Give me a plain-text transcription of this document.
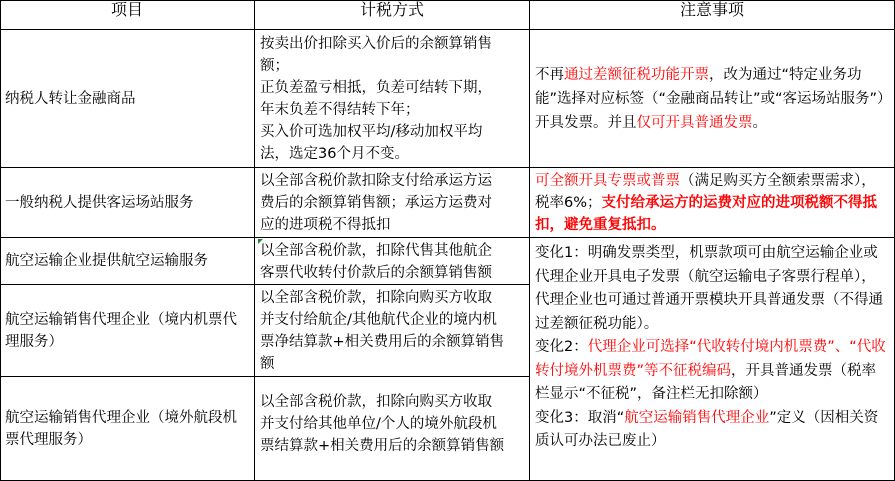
项目	计税方式	注意事项
纳税人转让金融商品
按卖出价扣除买入价后的余额算销售
额；
正负差盈亏相抵，负差可结转下期，
年末负差不得结转下年；
买入价可选加权平均/移动加权平均
法，选定36个月不变。
不再通过差额征税功能开票，改为通过“特定业务功能”选择对应标签（“金融商品转让”或“客运场站服务”）开具发票。并且仅可开具普通发票。
一般纳税人提供客运场站服务
以全部含税价款扣除支付给承运方运
费后的余额算销售额；承运方运费对
应的进项税不得抵扣
可全额开具专票或普票（满足购买方全额索票需求），税率6%；支付给承运方的运费对应的进项税额不得抵扣，避免重复抵扣。
航空运输企业提供航空运输服务
以全部含税价款，扣除代售其他航企
客票代收转付价款后的余额算销售额
航空运输销售代理企业（境内机票代理服务）
以全部含税价款，扣除向购买方收取
并支付给航企/其他航代企业的境内机
票净结算款+相关费用后的余额算销售
额
航空运输销售代理企业（境外航段机票代理服务）
以全部含税价款，扣除向购买方收取
并支付给其他单位/个人的境外航段机
票结算款+相关费用后的余额算销售额
变化1：明确发票类型，机票款项可由航空运输企业或代理企业开具电子发票（航空运输电子客票行程单），代理企业也可通过普通开票模块开具普通发票（不得通过差额征税功能）。
变化2：代理企业可选择“代收转付境内机票费”、“代收转付境外机票费”等不征税编码，开具普通发票（税率栏显示“不征税”，备注栏无扣除额）
变化3：取消“航空运输销售代理企业”定义（因相关资质认可办法已废止）
